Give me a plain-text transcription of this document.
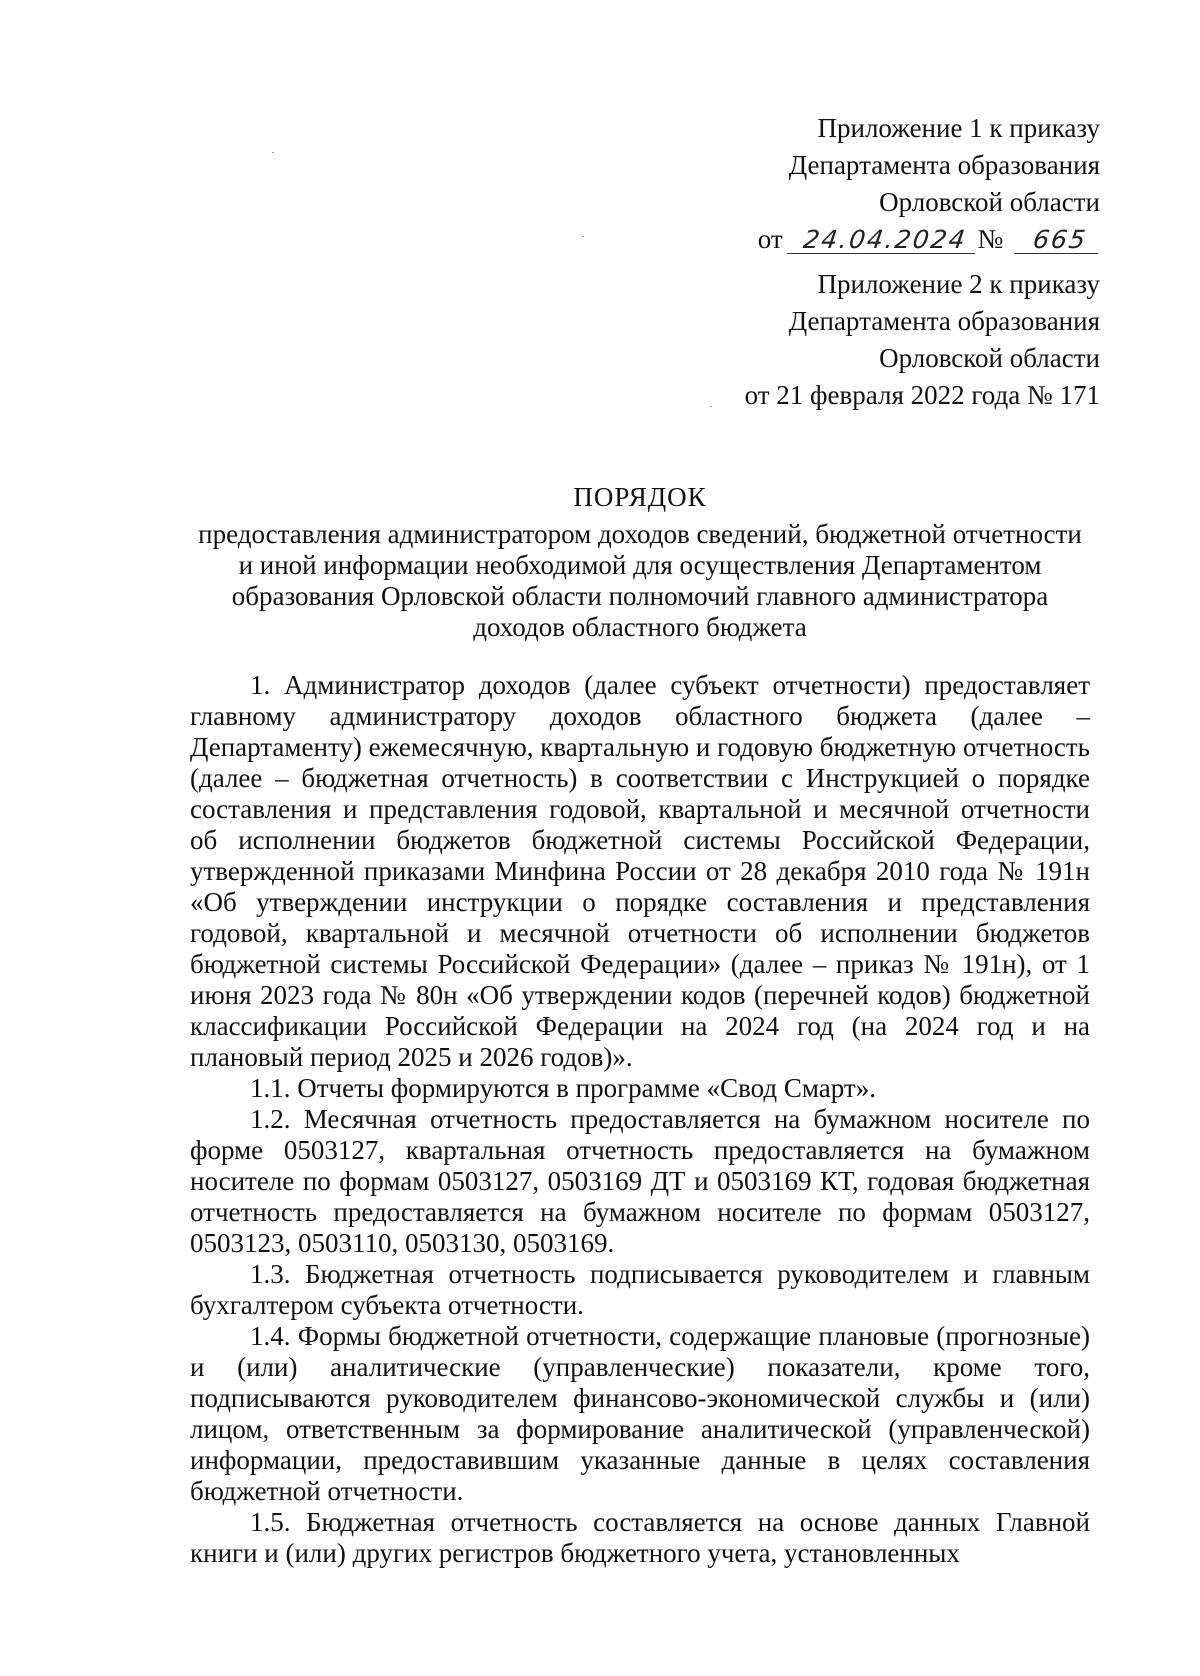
Приложение 1 к приказу
Департамента образования
Орловской области
от 24.04.2024 № 665
Приложение 2 к приказу
Департамента образования
Орловской области
от 21 февраля 2022 года № 171
ПОРЯДОК
предоставления администратором доходов сведений, бюджетной отчетности и иной информации необходимой для осуществления Департаментом образования Орловской области полномочий главного администратора доходов областного бюджета

1. Администратор доходов (далее субъект отчетности) предоставляет главному администратору доходов областного бюджета (далее – Департаменту) ежемесячную, квартальную и годовую бюджетную отчетность (далее – бюджетная отчетность) в соответствии с Инструкцией о порядке составления и представления годовой, квартальной и месячной отчетности об исполнении бюджетов бюджетной системы Российской Федерации, утвержденной приказами Минфина России от 28 декабря 2010 года № 191н «Об утверждении инструкции о порядке составления и представления годовой, квартальной и месячной отчетности об исполнении бюджетов бюджетной системы Российской Федерации» (далее – приказ № 191н), от 1 июня 2023 года № 80н «Об утверждении кодов (перечней кодов) бюджетной классификации Российской Федерации на 2024 год (на 2024 год и на плановый период 2025 и 2026 годов)».

1.1. Отчеты формируются в программе «Свод Смарт».

1.2. Месячная отчетность предоставляется на бумажном носителе по форме 0503127, квартальная отчетность предоставляется на бумажном носителе по формам 0503127, 0503169 ДТ и 0503169 КТ, годовая бюджетная отчетность предоставляется на бумажном носителе по формам 0503127, 0503123, 0503110, 0503130, 0503169.

1.3. Бюджетная отчетность подписывается руководителем и главным бухгалтером субъекта отчетности.

1.4. Формы бюджетной отчетности, содержащие плановые (прогнозные) и (или) аналитические (управленческие) показатели, кроме того, подписываются руководителем финансово-экономической службы и (или) лицом, ответственным за формирование аналитической (управленческой) информации, предоставившим указанные данные в целях составления бюджетной отчетности.

1.5. Бюджетная отчетность составляется на основе данных Главной книги и (или) других регистров бюджетного учета, установленных
